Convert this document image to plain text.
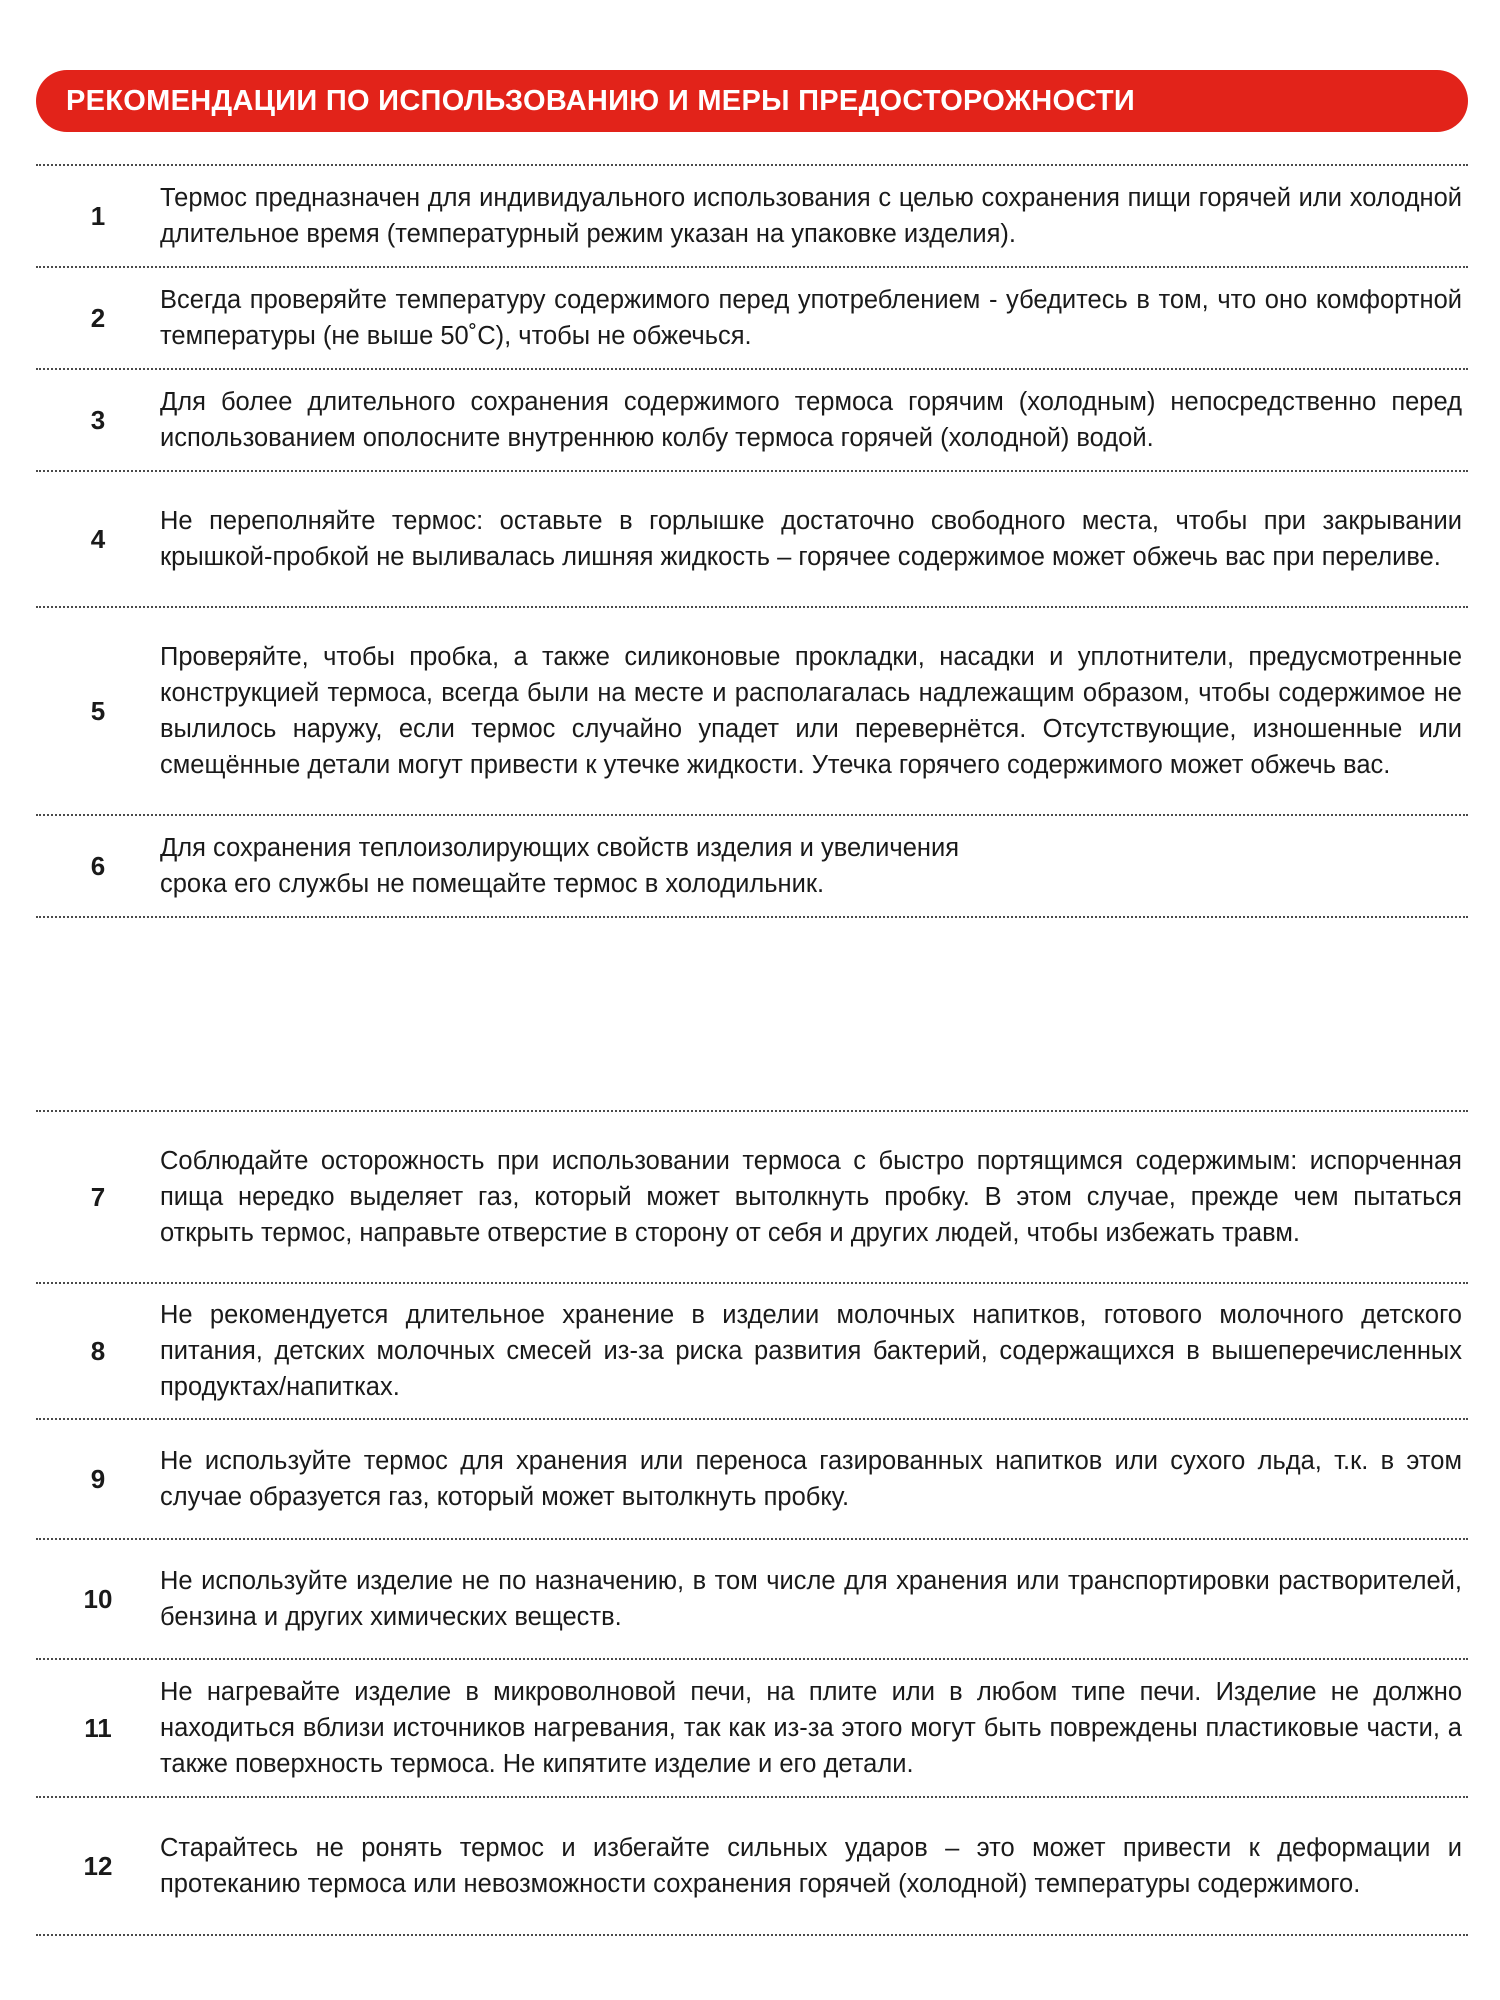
РЕКОМЕНДАЦИИ ПО ИСПОЛЬЗОВАНИЮ И МЕРЫ ПРЕДОСТОРОЖНОСТИ
1
Термос предназначен для индивидуального использования с целью сохранения пищи горячей или холодной длительное время (температурный режим указан на упаковке изделия).
2
Всегда проверяйте температуру содержимого перед употреблением - убедитесь в том, что оно комфортной температуры (не выше 50˚С), чтобы не обжечься.
3
Для более длительного сохранения содержимого термоса горячим (холодным) непосредственно перед использованием ополосните внутреннюю колбу термоса горячей (холодной) водой.
4
Не переполняйте термос: оставьте в горлышке достаточно свободного места, чтобы при закрывании крышкой-пробкой не выливалась лишняя жидкость – горячее содержимое может обжечь вас при переливе.
5
Проверяйте, чтобы пробка, а также силиконовые прокладки, насадки и уплотнители, предусмотренные конструкцией термоса, всегда были на месте и располагалась надлежащим образом, чтобы содержимое не вылилось наружу, если термос случайно упадет или перевернётся. Отсутствующие, изношенные или смещённые детали могут привести к утечке жидкости. Утечка горячего содержимого может обжечь вас.
6
Для сохранения теплоизолирующих свойств изделия и увеличения срока его службы не помещайте термос в холодильник.
7
Соблюдайте осторожность при использовании термоса с быстро портящимся содержимым: испорченная пища нередко выделяет газ, который может вытолкнуть пробку. В этом случае, прежде чем пытаться открыть термос, направьте отверстие в сторону от себя и других людей, чтобы избежать травм.
8
Не рекомендуется длительное хранение в изделии молочных напитков, готового молочного детского питания, детских молочных смесей из-за риска развития бактерий, содержащихся в вышеперечисленных продуктах/напитках.
9
Не используйте термос для хранения или переноса газированных напитков или сухого льда, т.к. в этом случае образуется газ, который может вытолкнуть пробку.
10
Не используйте изделие не по назначению, в том числе для хранения или транспортировки растворителей, бензина и других химических веществ.
11
Не нагревайте изделие в микроволновой печи, на плите или в любом типе печи. Изделие не должно находиться вблизи источников нагревания, так как из-за этого могут быть повреждены пластиковые части, а также поверхность термоса. Не кипятите изделие и его детали.
12
Старайтесь не ронять термос и избегайте сильных ударов – это может привести к деформации и протеканию термоса или невозможности сохранения горячей (холодной) температуры содержимого.
